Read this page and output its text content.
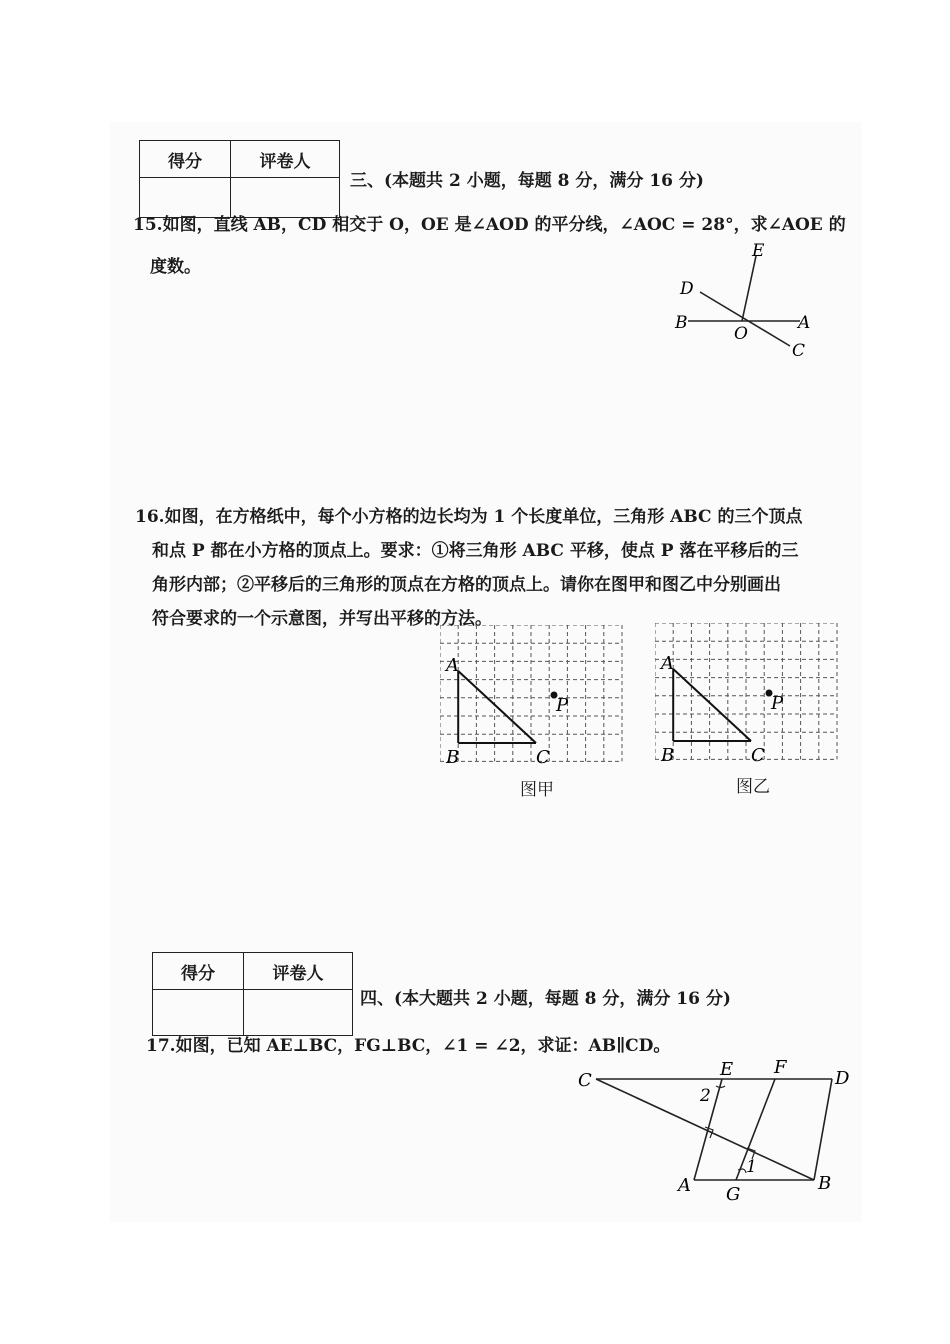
得分	评卷人

三、(本题共 2 小题，每题 8 分，满分 16 分)
15.如图，直线 AB，CD 相交于 O，OE 是∠AOD 的平分线，∠AOC = 28°，求∠AOE 的
度数。
E
D
B
O
A
C
16.如图，在方格纸中，每个小方格的边长均为 1 个长度单位，三角形 ABC 的三个顶点
和点 P 都在小方格的顶点上。要求：①将三角形 ABC 平移，使点 P 落在平移后的三
角形内部；②平移后的三角形的顶点在方格的顶点上。请你在图甲和图乙中分别画出
符合要求的一个示意图，并写出平移的方法。
A
B	C
P
A
B	C
P
图甲	图乙
得分	评卷人

四、(本大题共 2 小题，每题 8 分，满分 16 分)
17.如图，已知 AE⊥BC，FG⊥BC，∠1 = ∠2，求证：AB∥CD。
C
E F
D
2
1
A G
B
